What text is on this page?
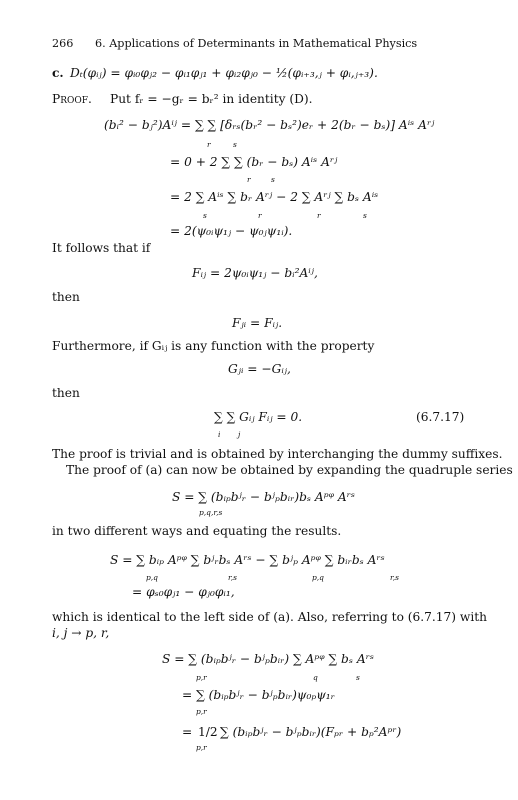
266 6. Applications of Determinants in Mathematical Physics
c. Dₜ(φᵢⱼ) = φᵢ₀φⱼ₂ − φᵢ₁φⱼ₁ + φᵢ₂φⱼ₀ − ½(φᵢ₊₃,ⱼ + φᵢ,ⱼ₊₃).
Proof. Put fᵣ = −gᵣ = bᵣ² in identity (D).
(bᵢ² − bⱼ²)Aⁱʲ = ∑ ∑ [δᵣₛ(bᵣ² − bₛ²)eᵣ + 2(bᵣ − bₛ)] Aⁱˢ Aʳʲ
r	s
= 0 + 2 ∑ ∑ (bᵣ − bₛ) Aⁱˢ Aʳʲ
r	s
= 2 ∑ Aⁱˢ ∑ bᵣ Aʳʲ − 2 ∑ Aʳʲ ∑ bₛ Aⁱˢ
s	r	r	s
= 2(ψ₀ᵢψ₁ⱼ − ψ₀ⱼψ₁ᵢ).
It follows that if
Fᵢⱼ = 2ψ₀ᵢψ₁ⱼ − bᵢ²Aⁱʲ,
then
Fⱼᵢ = Fᵢⱼ.
Furthermore, if Gᵢⱼ is any function with the property
Gⱼᵢ = −Gᵢⱼ,
then
∑ ∑ Gᵢⱼ Fᵢⱼ = 0.
i j
(6.7.17)
The proof is trivial and is obtained by interchanging the dummy suffixes.
The proof of (a) can now be obtained by expanding the quadruple series
S = ∑ (bᵢₚbʲᵣ − bʲₚbᵢᵣ)bₛ Aᵖᵠ Aʳˢ
p,q,r,s
in two different ways and equating the results.
S = ∑ bᵢₚ Aᵖᵠ ∑ bʲᵣbₛ Aʳˢ − ∑ bʲₚ Aᵖᵠ ∑ bᵢᵣbₛ Aʳˢ
p,q	r,s	p,q	r,s
= φₛ₀φⱼ₁ − φⱼ₀φᵢ₁,
which is identical to the left side of (a). Also, referring to (6.7.17) with
i, j → p, r,
S = ∑ (bᵢₚbʲᵣ − bʲₚbᵢᵣ) ∑ Aᵖᵠ ∑ bₛ Aʳˢ
p,r	q	s
= ∑ (bᵢₚbʲᵣ − bʲₚbᵢᵣ)ψ₀ₚψ₁ᵣ
p,r
= 1/2 ∑ (bᵢₚbʲᵣ − bʲₚbᵢᵣ)(Fₚᵣ + bₚ²Aᵖʳ)
p,r
